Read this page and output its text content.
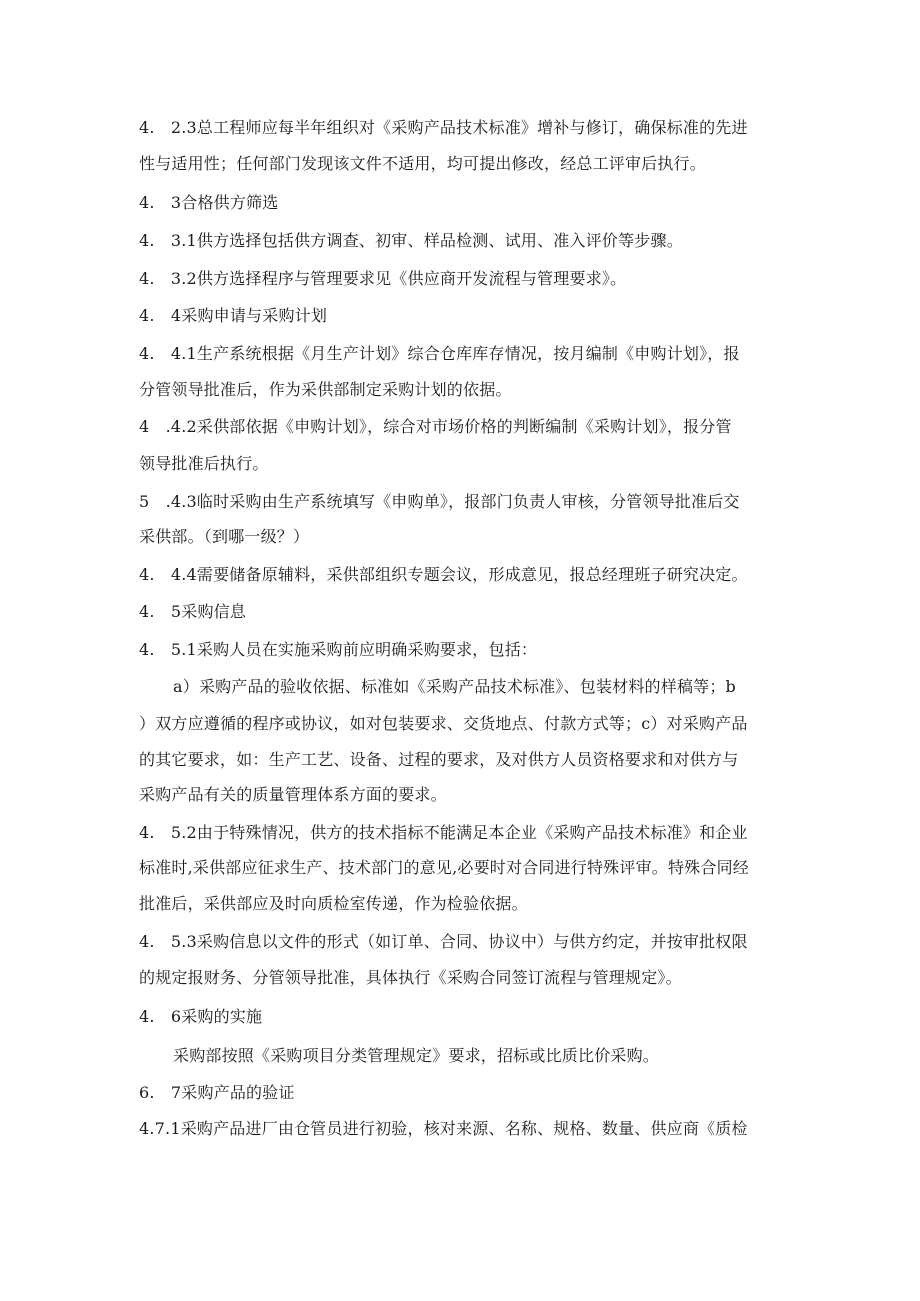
4.　2.3总工程师应每半年组织对《采购产品技术标准》增补与修订，确保标准的先进
性与适用性；任何部门发现该文件不适用，均可提出修改，经总工评审后执行。
4.　3合格供方筛选
4.　3.1供方选择包括供方调查、初审、样品检测、试用、准入评价等步骤。
4.　3.2供方选择程序与管理要求见《供应商开发流程与管理要求》。
4.　4采购申请与采购计划
4.　4.1生产系统根据《月生产计划》综合仓库库存情况，按月编制《申购计划》，报
分管领导批准后，作为采供部制定采购计划的依据。
4　.4.2采供部依据《申购计划》，综合对市场价格的判断编制《采购计划》，报分管
领导批准后执行。
5　.4.3临时采购由生产系统填写《申购单》，报部门负责人审核，分管领导批准后交
采供部。（到哪一级？）
4.　4.4需要储备原辅料，采供部组织专题会议，形成意见，报总经理班子研究决定。
4.　5采购信息
4.　5.1采购人员在实施采购前应明确采购要求，包括：
a）采购产品的验收依据、标准如《采购产品技术标准》、包装材料的样稿等；b
）双方应遵循的程序或协议，如对包装要求、交货地点、付款方式等；c）对采购产品
的其它要求，如：生产工艺、设备、过程的要求，及对供方人员资格要求和对供方与
采购产品有关的质量管理体系方面的要求。
4.　5.2由于特殊情况，供方的技术指标不能满足本企业《采购产品技术标准》和企业
标准时,采供部应征求生产、技术部门的意见,必要时对合同进行特殊评审。特殊合同经
批准后，采供部应及时向质检室传递，作为检验依据。
4.　5.3采购信息以文件的形式（如订单、合同、协议中）与供方约定，并按审批权限
的规定报财务、分管领导批准，具体执行《采购合同签订流程与管理规定》。
4.　6采购的实施
采购部按照《采购项目分类管理规定》要求，招标或比质比价采购。
6.　7采购产品的验证
4.7.1采购产品进厂由仓管员进行初验，核对来源、名称、规格、数量、供应商《质检
